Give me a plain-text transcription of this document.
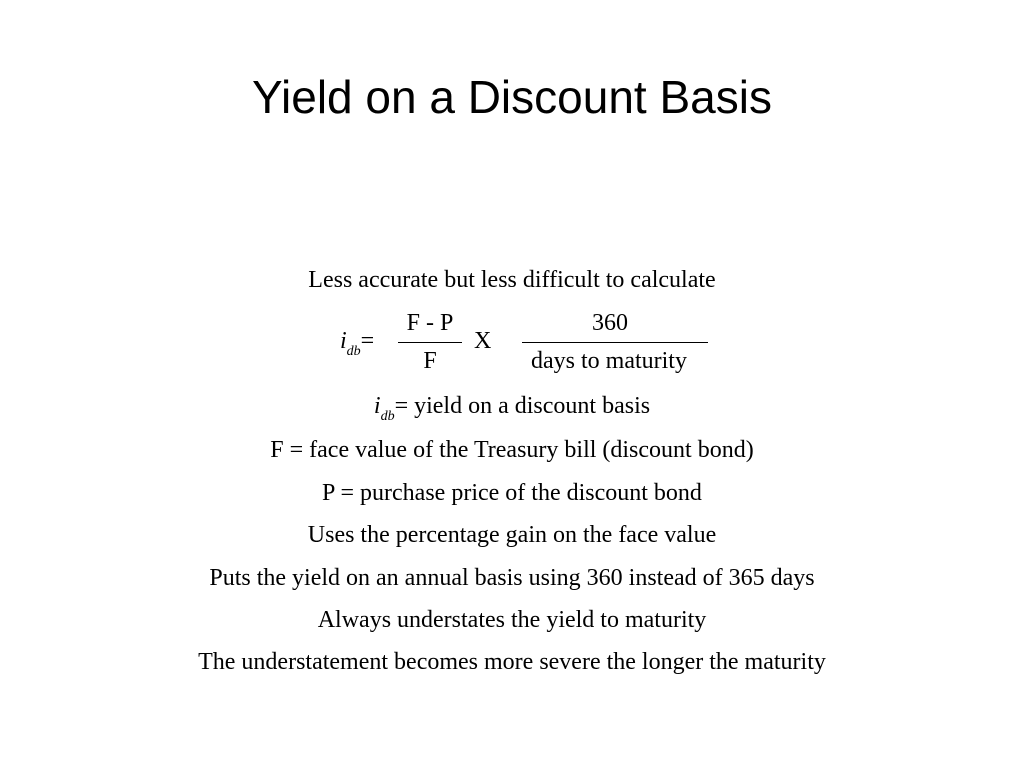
Yield on a Discount Basis
Less accurate but less difficult to calculate
$i_{db}=$
F - P
F
X
360
days to maturity
$i_{db}=$ yield on a discount basis
F = face value of the Treasury bill (discount bond)
P = purchase price of the discount bond
Uses the percentage gain on the face value
Puts the yield on an annual basis using 360 instead of 365 days
Always understates the yield to maturity
The understatement becomes more severe the longer the maturity
